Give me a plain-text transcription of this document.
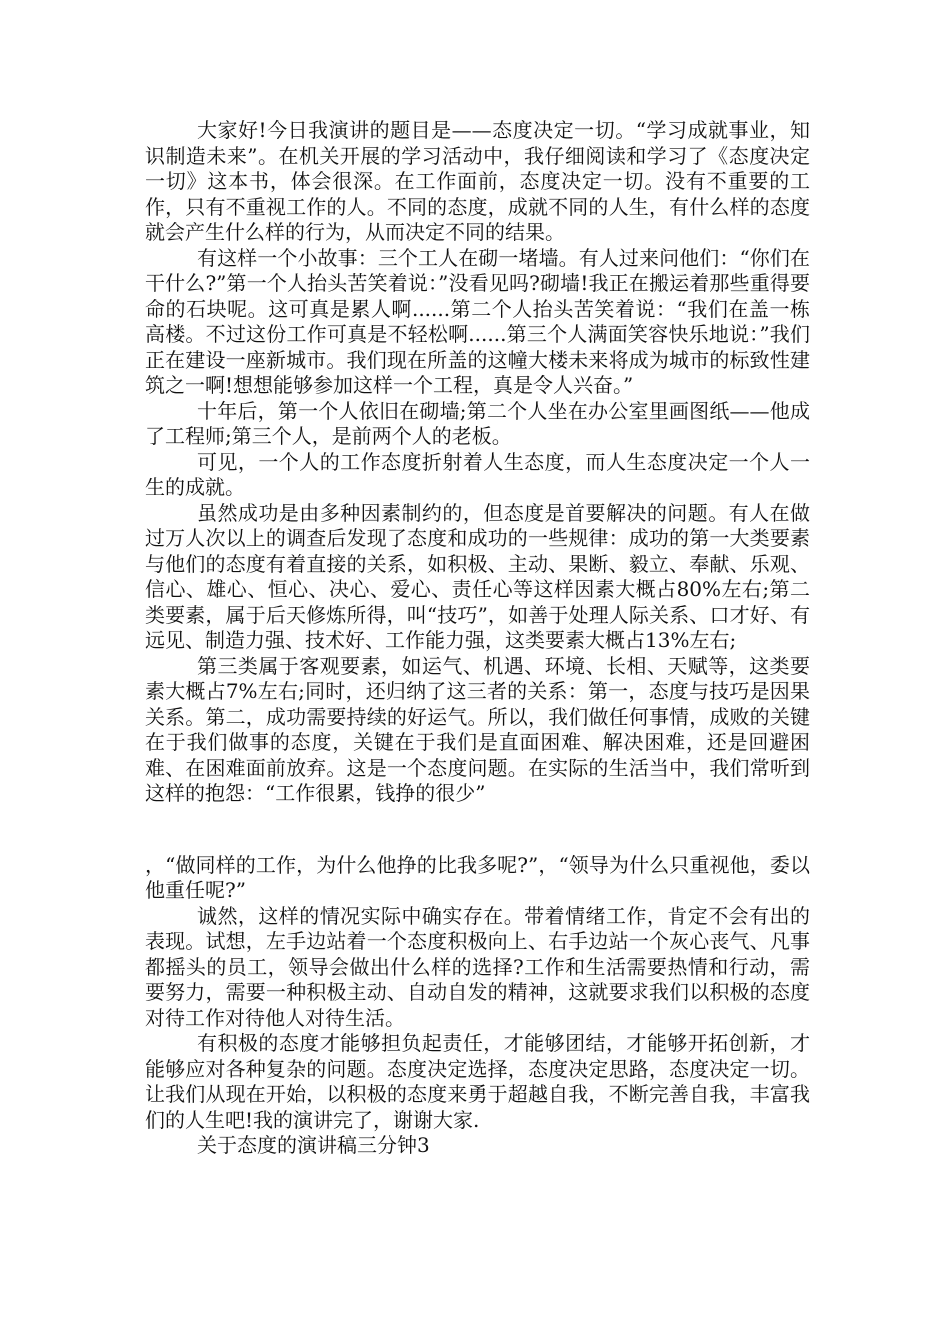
大家好!今日我演讲的题目是——态度决定一切。“学习成就事业，知识制造未来”。在机关开展的学习活动中，我仔细阅读和学习了《态度决定一切》这本书，体会很深。在工作面前，态度决定一切。没有不重要的工作，只有不重视工作的人。不同的态度，成就不同的人生，有什么样的态度就会产生什么样的行为，从而决定不同的结果。

有这样一个小故事：三个工人在砌一堵墙。有人过来问他们：“你们在干什么?”第一个人抬头苦笑着说：”没看见吗?砌墙!我正在搬运着那些重得要命的石块呢。这可真是累人啊......第二个人抬头苦笑着说：“我们在盖一栋高楼。不过这份工作可真是不轻松啊......第三个人满面笑容快乐地说：”我们正在建设一座新城市。我们现在所盖的这幢大楼未来将成为城市的标致性建筑之一啊!想想能够参加这样一个工程，真是令人兴奋。”

十年后，第一个人依旧在砌墙;第二个人坐在办公室里画图纸——他成了工程师;第三个人，是前两个人的老板。

可见，一个人的工作态度折射着人生态度，而人生态度决定一个人一生的成就。

虽然成功是由多种因素制约的，但态度是首要解决的问题。有人在做过万人次以上的调查后发现了态度和成功的一些规律：成功的第一大类要素与他们的态度有着直接的关系，如积极、主动、果断、毅立、奉献、乐观、信心、雄心、恒心、决心、爱心、责任心等这样因素大概占80%左右;第二类要素，属于后天修炼所得，叫“技巧”，如善于处理人际关系、口才好、有远见、制造力强、技术好、工作能力强，这类要素大概占13%左右;

第三类属于客观要素，如运气、机遇、环境、长相、天赋等，这类要素大概占7%左右;同时，还归纳了这三者的关系：第一，态度与技巧是因果关系。第二，成功需要持续的好运气。所以，我们做任何事情，成败的关键在于我们做事的态度，关键在于我们是直面困难、解决困难，还是回避困难、在困难面前放弃。这是一个态度问题。在实际的生活当中，我们常听到这样的抱怨：“工作很累，钱挣的很少”

，“做同样的工作，为什么他挣的比我多呢?”，“领导为什么只重视他，委以他重任呢?”

诚然，这样的情况实际中确实存在。带着情绪工作，肯定不会有出的表现。试想，左手边站着一个态度积极向上、右手边站一个灰心丧气、凡事都摇头的员工，领导会做出什么样的选择?工作和生活需要热情和行动，需要努力，需要一种积极主动、自动自发的精神，这就要求我们以积极的态度对待工作对待他人对待生活。

有积极的态度才能够担负起责任，才能够团结，才能够开拓创新，才能够应对各种复杂的问题。态度决定选择，态度决定思路，态度决定一切。让我们从现在开始，以积极的态度来勇于超越自我，不断完善自我，丰富我们的人生吧!我的演讲完了，谢谢大家.

关于态度的演讲稿三分钟3
